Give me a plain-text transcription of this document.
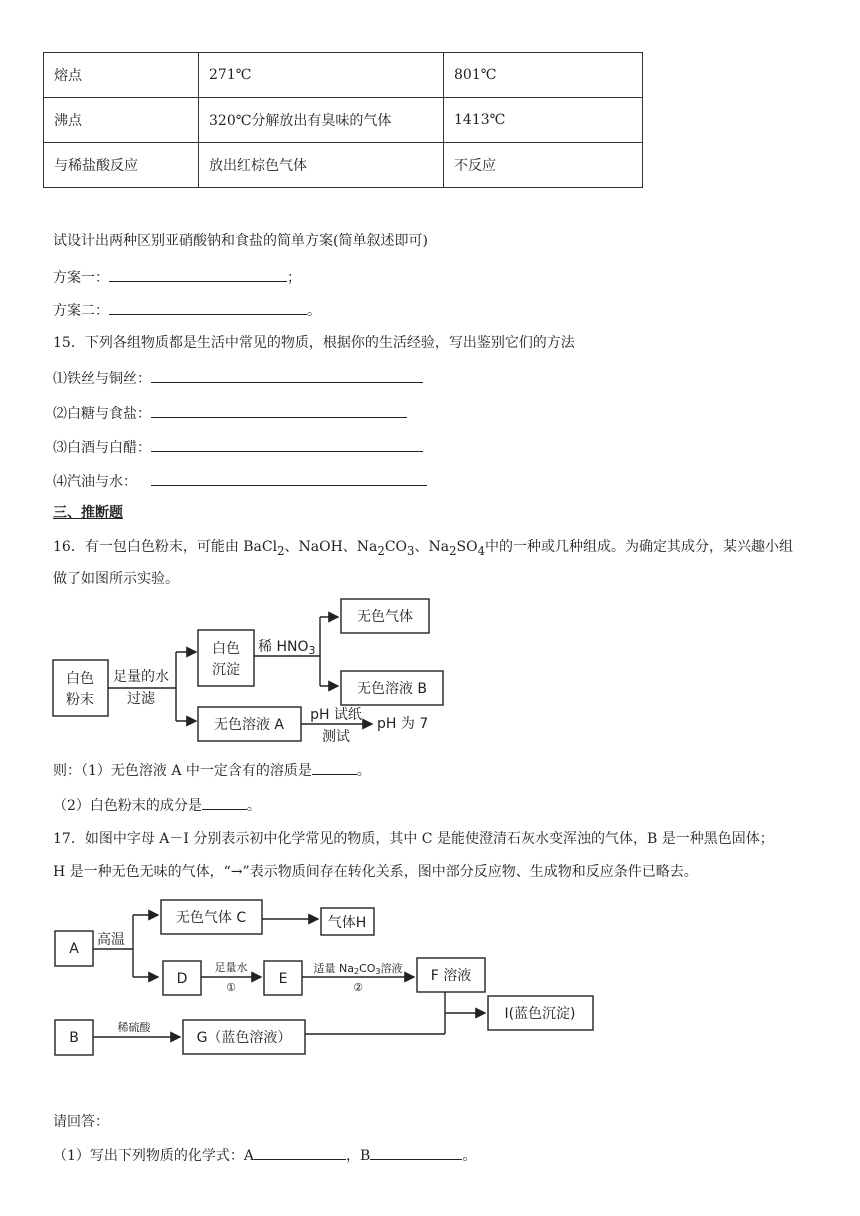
熔点	271℃	801℃
沸点	320℃分解放出有臭味的气体	1413℃
与稀盐酸反应	放出红棕色气体	不反应
试设计出两种区别亚硝酸钠和食盐的简单方案(简单叙述即可)
方案一：	；
方案二：	。
15．下列各组物质都是生活中常见的物质，根据你的生活经验，写出鉴别它们的方法
⑴铁丝与铜丝：
⑵白糖与食盐：
⑶白酒与白醋：
⑷汽油与水：
三、推断题
16．有一包白色粉末，可能由 BaCl$_2$、NaOH、$Na_2CO_3$、$Na_2SO_4$中的一种或几种组成。为确定其成分，某兴趣小组
做了如图所示实验。
白色
粉末
足量的水
过滤
白色
沉淀
稀 $HNO_3$
无色气体
无色溶液 B
无色溶液 A
pH 试纸
测试
pH 为 7
则：（1）无色溶液 A 中一定含有的溶质是	。
（2）白色粉末的成分是	。
17．如图中字母 A－I 分别表示初中化学常见的物质，其中 C 是能使澄清石灰水变浑浊的气体，B 是一种黑色固体；
H 是一种无色无味的气体，“→”表示物质间存在转化关系，图中部分反应物、生成物和反应条件已略去。
A
高温
无色气体 C	气体H
D
足量水
①
E
适量 Na2CO3溶液
②
F 溶液
I(蓝色沉淀)
B
稀硫酸
G（蓝色溶液）
请回答：
（1）写出下列物质的化学式：A	，B	。
